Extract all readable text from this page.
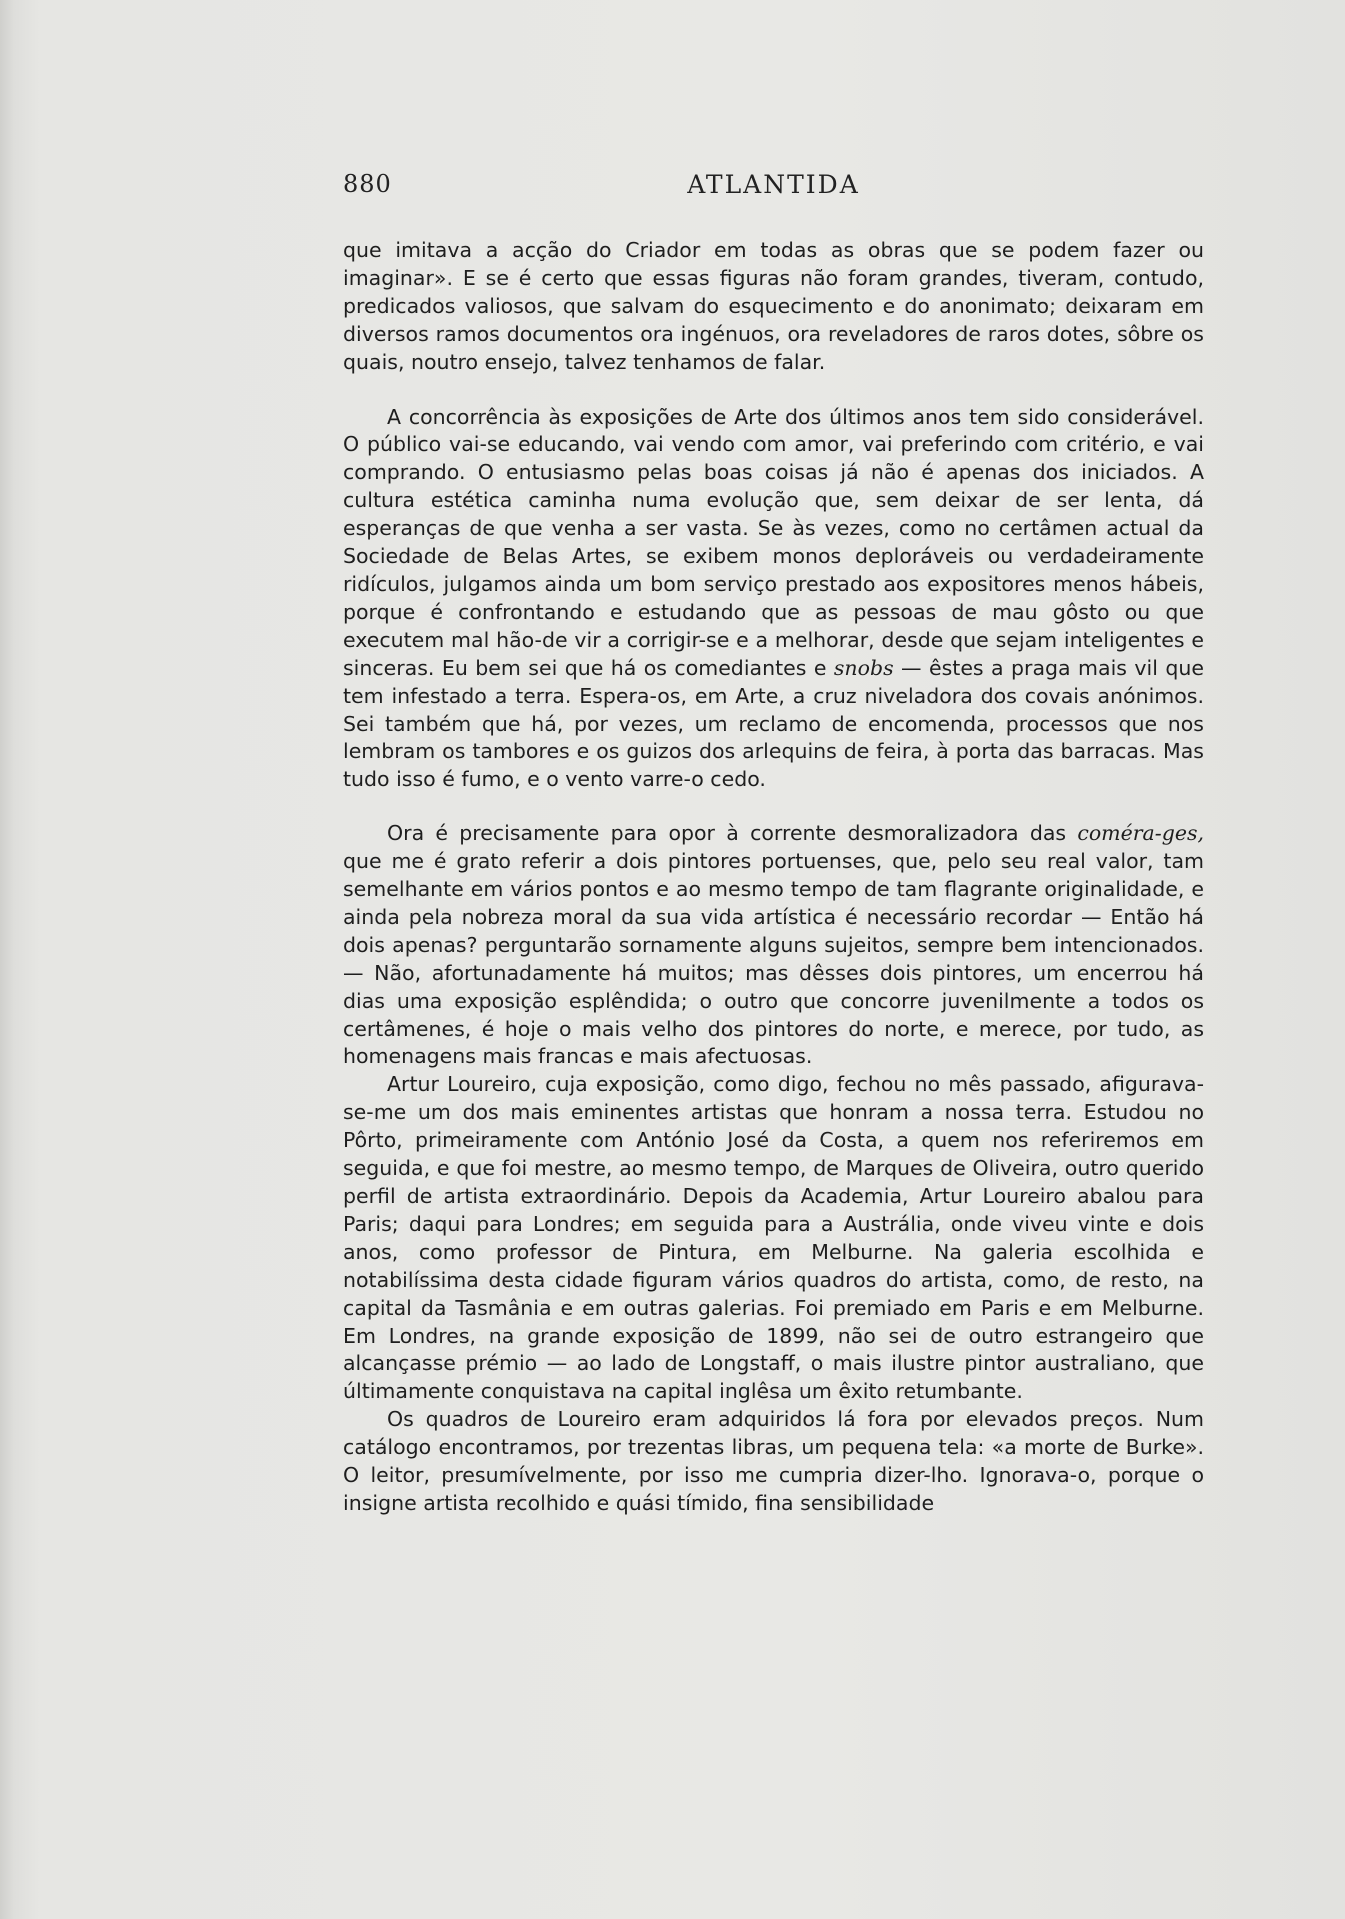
880	ATLANTIDA

que imitava a acção do Criador em todas as obras que se podem fazer ou imaginar». E se é certo que essas figuras não foram grandes, tiveram, contudo, predicados valiosos, que salvam do esquecimento e do anonimato; deixaram em diversos ramos documentos ora ingénuos, ora reveladores de raros dotes, sôbre os quais, noutro ensejo, talvez tenhamos de falar.

A concorrência às exposições de Arte dos últimos anos tem sido considerável. O público vai-se educando, vai vendo com amor, vai preferindo com critério, e vai comprando. O entusiasmo pelas boas coisas já não é apenas dos iniciados. A cultura estética caminha numa evolução que, sem deixar de ser lenta, dá esperanças de que venha a ser vasta. Se às vezes, como no certâmen actual da Sociedade de Belas Artes, se exibem monos deploráveis ou verdadeiramente ridículos, julgamos ainda um bom serviço prestado aos expositores menos hábeis, porque é confrontando e estudando que as pessoas de mau gôsto ou que executem mal hão-de vir a corrigir-se e a melhorar, desde que sejam inteligentes e sinceras. Eu bem sei que há os comediantes e snobs — êstes a praga mais vil que tem infestado a terra. Espera-os, em Arte, a cruz niveladora dos covais anónimos. Sei também que há, por vezes, um reclamo de encomenda, processos que nos lembram os tambores e os guizos dos arlequins de feira, à porta das barracas. Mas tudo isso é fumo, e o vento varre-o cedo.

Ora é precisamente para opor à corrente desmoralizadora das coméra-ges, que me é grato referir a dois pintores portuenses, que, pelo seu real valor, tam semelhante em vários pontos e ao mesmo tempo de tam flagrante originalidade, e ainda pela nobreza moral da sua vida artística é necessário recordar — Então há dois apenas? perguntarão sornamente alguns sujeitos, sempre bem intencionados. — Não, afortunadamente há muitos; mas dêsses dois pintores, um encerrou há dias uma exposição esplêndida; o outro que concorre juvenilmente a todos os certâmenes, é hoje o mais velho dos pintores do norte, e merece, por tudo, as homenagens mais francas e mais afectuosas.

Artur Loureiro, cuja exposição, como digo, fechou no mês passado, afigurava-se-me um dos mais eminentes artistas que honram a nossa terra. Estudou no Pôrto, primeiramente com António José da Costa, a quem nos referiremos em seguida, e que foi mestre, ao mesmo tempo, de Marques de Oliveira, outro querido perfil de artista extraordinário. Depois da Academia, Artur Loureiro abalou para Paris; daqui para Londres; em seguida para a Austrália, onde viveu vinte e dois anos, como professor de Pintura, em Melburne. Na galeria escolhida e notabilíssima desta cidade figuram vários quadros do artista, como, de resto, na capital da Tasmânia e em outras galerias. Foi premiado em Paris e em Melburne. Em Londres, na grande exposição de 1899, não sei de outro estrangeiro que alcançasse prémio — ao lado de Longstaff, o mais ilustre pintor australiano, que últimamente conquistava na capital inglêsa um êxito retumbante.

Os quadros de Loureiro eram adquiridos lá fora por elevados preços. Num catálogo encontramos, por trezentas libras, um pequena tela: «a morte de Burke». O leitor, presumívelmente, por isso me cumpria dizer-lho. Ignorava-o, porque o insigne artista recolhido e quási tímido, fina sensibilidade
